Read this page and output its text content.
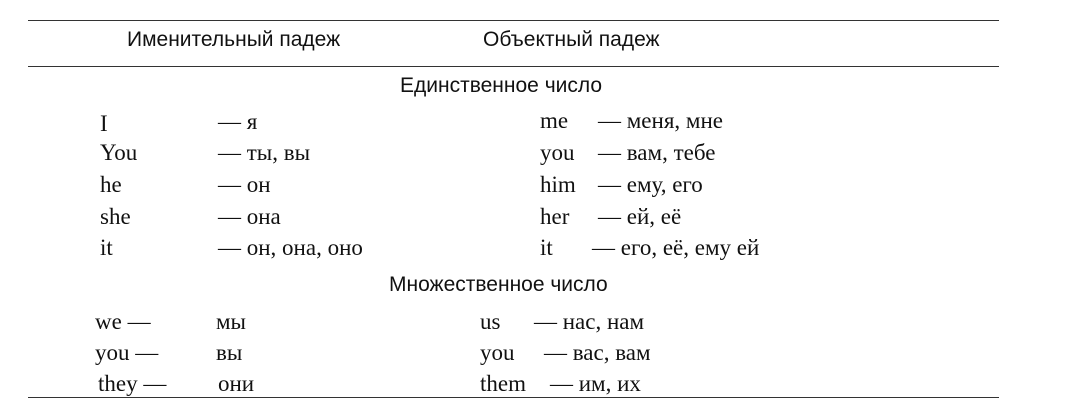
Именительный падеж	Объектный падеж
Единственное число
I	— я	me — меня, мне
You	— ты, вы	you — вам, тебе
he	— он	him — ему, его
she	— она	her — ей, её
it	— он, она, оно	it — его, её, ему ей
Множественное число
we —	мы	us — нас, нам
you —	вы	you — вас, вам
they — они	them — им, их
